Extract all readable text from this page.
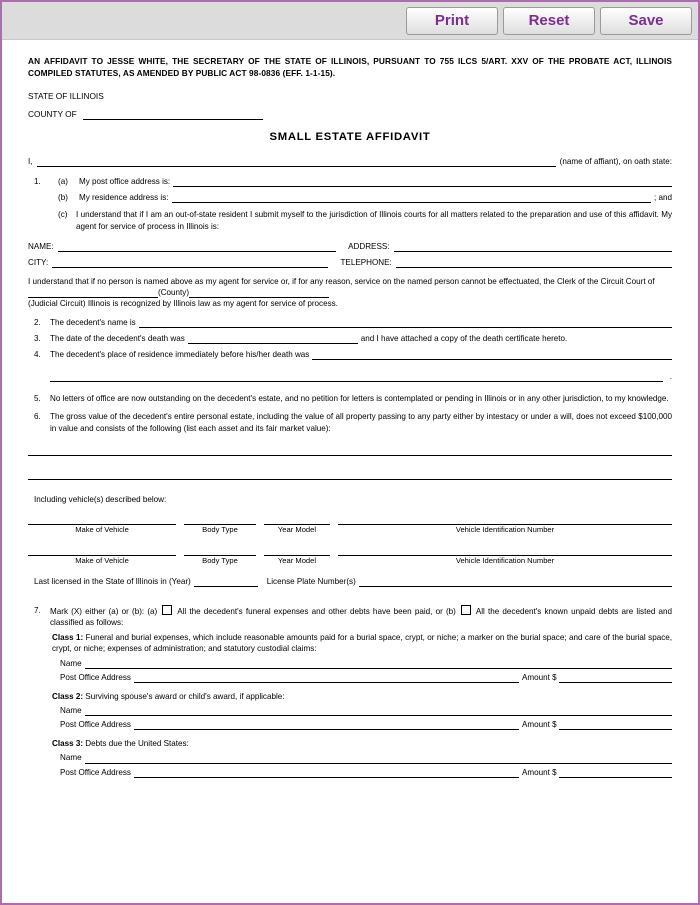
Print	Reset	Save
AN AFFIDAVIT TO JESSE WHITE, THE SECRETARY OF THE STATE OF ILLINOIS, PURSUANT TO 755 ILCS 5/ART. XXV OF THE PROBATE ACT, ILLINOIS COMPILED STATUTES, AS AMENDED BY PUBLIC ACT 98-0836 (EFF. 1-1-15).
STATE OF ILLINOIS
COUNTY OF
SMALL ESTATE AFFIDAVIT
I,	(name of affiant), on oath state:
1.	(a)	My post office address is:
(b)	My residence address is:	; and
(c)	I understand that if I am an out-of-state resident I submit myself to the jurisdiction of Illinois courts for all matters related to the preparation and use of this affidavit. My agent for service of process in Illinois is:
NAME:	ADDRESS:
CITY:	TELEPHONE:
I understand that if no person is named above as my agent for service or, if for any reason, service on the named person cannot be effectuated, the Clerk of the Circuit Court of (County)
(Judicial Circuit) Illinois is recognized by Illinois law as my agent for service of process.
2.	The decedent's name is
3.	The date of the decedent's death was	and I have attached a copy of the death certificate hereto.
4.	The decedent's place of residence immediately before his/her death was
.
5.	No letters of office are now outstanding on the decedent's estate, and no petition for letters is contemplated or pending in Illinois or in any other jurisdiction, to my knowledge.
6.	The gross value of the decedent's entire personal estate, including the value of all property passing to any party either by intestacy or under a will, does not exceed $100,000 in value and consists of the following (list each asset and its fair market value):
Including vehicle(s) described below:
Make of Vehicle	Body Type	Year Model	Vehicle Identification Number
Make of Vehicle	Body Type	Year Model	Vehicle Identification Number
Last licensed in the State of Illinois in (Year)	License Plate Number(s)
7.	Mark (X) either (a) or (b): (a) All the decedent's funeral expenses and other debts have been paid, or (b) All the decedent's known unpaid debts are listed and classified as follows:
Class 1: Funeral and burial expenses, which include reasonable amounts paid for a burial space, crypt, or niche; a marker on the burial space; and care of the burial space, crypt, or niche; expenses of administration; and statutory custodial claims:
Name
Post Office Address	Amount $
Class 2: Surviving spouse's award or child's award, if applicable:
Name
Post Office Address	Amount $
Class 3: Debts due the United States:
Name
Post Office Address	Amount $
